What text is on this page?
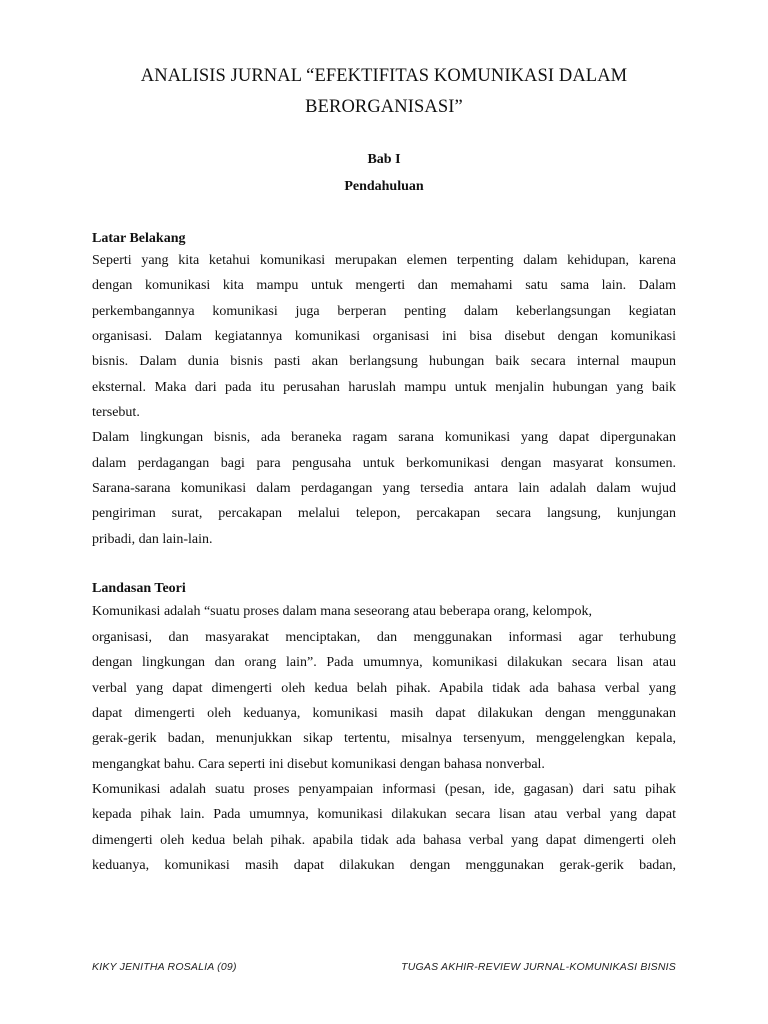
ANALISIS JURNAL “EFEKTIFITAS KOMUNIKASI DALAM
BERORGANISASI”
Bab I
Pendahuluan
Latar Belakang
Seperti yang kita ketahui komunikasi merupakan elemen terpenting dalam kehidupan, karena
dengan komunikasi kita mampu untuk mengerti dan memahami satu sama lain. Dalam
perkembangannya komunikasi juga berperan penting dalam keberlangsungan kegiatan
organisasi. Dalam kegiatannya komunikasi organisasi ini bisa disebut dengan komunikasi
bisnis. Dalam dunia bisnis pasti akan berlangsung hubungan baik secara internal maupun
eksternal. Maka dari pada itu perusahan haruslah mampu untuk menjalin hubungan yang baik
tersebut.
Dalam lingkungan bisnis, ada beraneka ragam sarana komunikasi yang dapat dipergunakan
dalam perdagangan bagi para pengusaha untuk berkomunikasi dengan masyarat konsumen.
Sarana-sarana komunikasi dalam perdagangan yang tersedia antara lain adalah dalam wujud
pengiriman surat, percakapan melalui telepon, percakapan secara langsung, kunjungan
pribadi, dan lain-lain.
Landasan Teori
Komunikasi adalah “suatu proses dalam mana seseorang atau beberapa orang, kelompok,
organisasi, dan masyarakat menciptakan, dan menggunakan informasi agar terhubung
dengan lingkungan dan orang lain”. Pada umumnya, komunikasi dilakukan secara lisan atau
verbal yang dapat dimengerti oleh kedua belah pihak. Apabila tidak ada bahasa verbal yang
dapat dimengerti oleh keduanya, komunikasi masih dapat dilakukan dengan menggunakan
gerak-gerik badan, menunjukkan sikap tertentu, misalnya tersenyum, menggelengkan kepala,
mengangkat bahu. Cara seperti ini disebut komunikasi dengan bahasa nonverbal.
Komunikasi adalah suatu proses penyampaian informasi (pesan, ide, gagasan) dari satu pihak
kepada pihak lain. Pada umumnya, komunikasi dilakukan secara lisan atau verbal yang dapat
dimengerti oleh kedua belah pihak. apabila tidak ada bahasa verbal yang dapat dimengerti oleh
keduanya, komunikasi masih dapat dilakukan dengan menggunakan gerak-gerik badan,
KIKY JENITHA ROSALIA (09)	TUGAS AKHIR-REVIEW JURNAL-KOMUNIKASI BISNIS
